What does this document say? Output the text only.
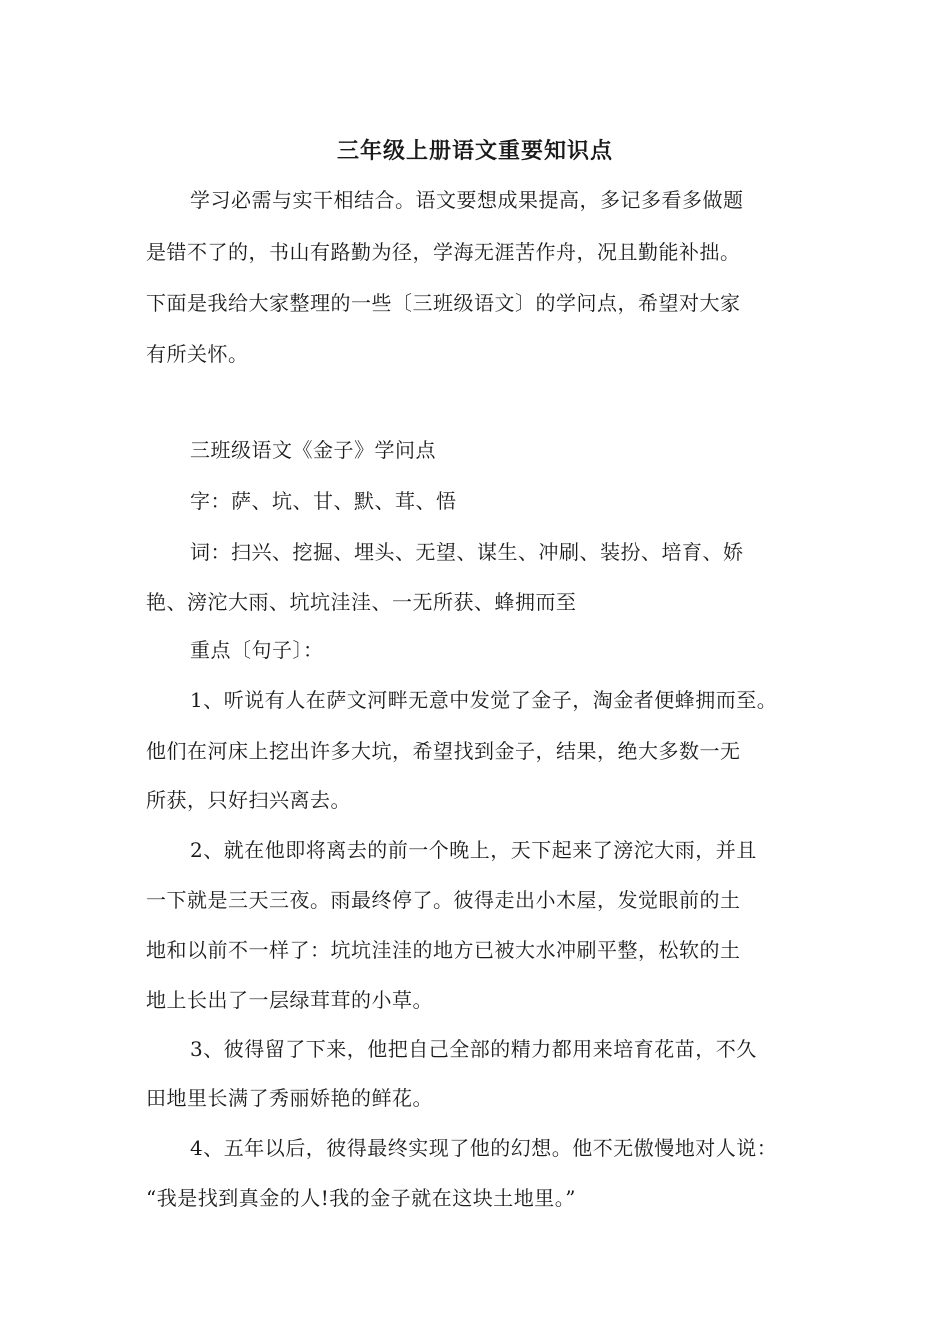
三年级上册语文重要知识点
学习必需与实干相结合。语文要想成果提高，多记多看多做题
是错不了的，书山有路勤为径，学海无涯苦作舟，况且勤能补拙。
下面是我给大家整理的一些〔三班级语文〕的学问点，希望对大家
有所关怀。
三班级语文《金子》学问点
字：萨、坑、甘、默、茸、悟
词：扫兴、挖掘、埋头、无望、谋生、冲刷、装扮、培育、娇
艳、滂沱大雨、坑坑洼洼、一无所获、蜂拥而至
重点〔句子〕：
1、听说有人在萨文河畔无意中发觉了金子，淘金者便蜂拥而至。
他们在河床上挖出许多大坑，希望找到金子，结果，绝大多数一无
所获，只好扫兴离去。
2、就在他即将离去的前一个晚上，天下起来了滂沱大雨，并且
一下就是三天三夜。雨最终停了。彼得走出小木屋，发觉眼前的土
地和以前不一样了：坑坑洼洼的地方已被大水冲刷平整，松软的土
地上长出了一层绿茸茸的小草。
3、彼得留了下来，他把自己全部的精力都用来培育花苗，不久
田地里长满了秀丽娇艳的鲜花。
4、五年以后，彼得最终实现了他的幻想。他不无傲慢地对人说：
“我是找到真金的人!我的金子就在这块土地里。”
